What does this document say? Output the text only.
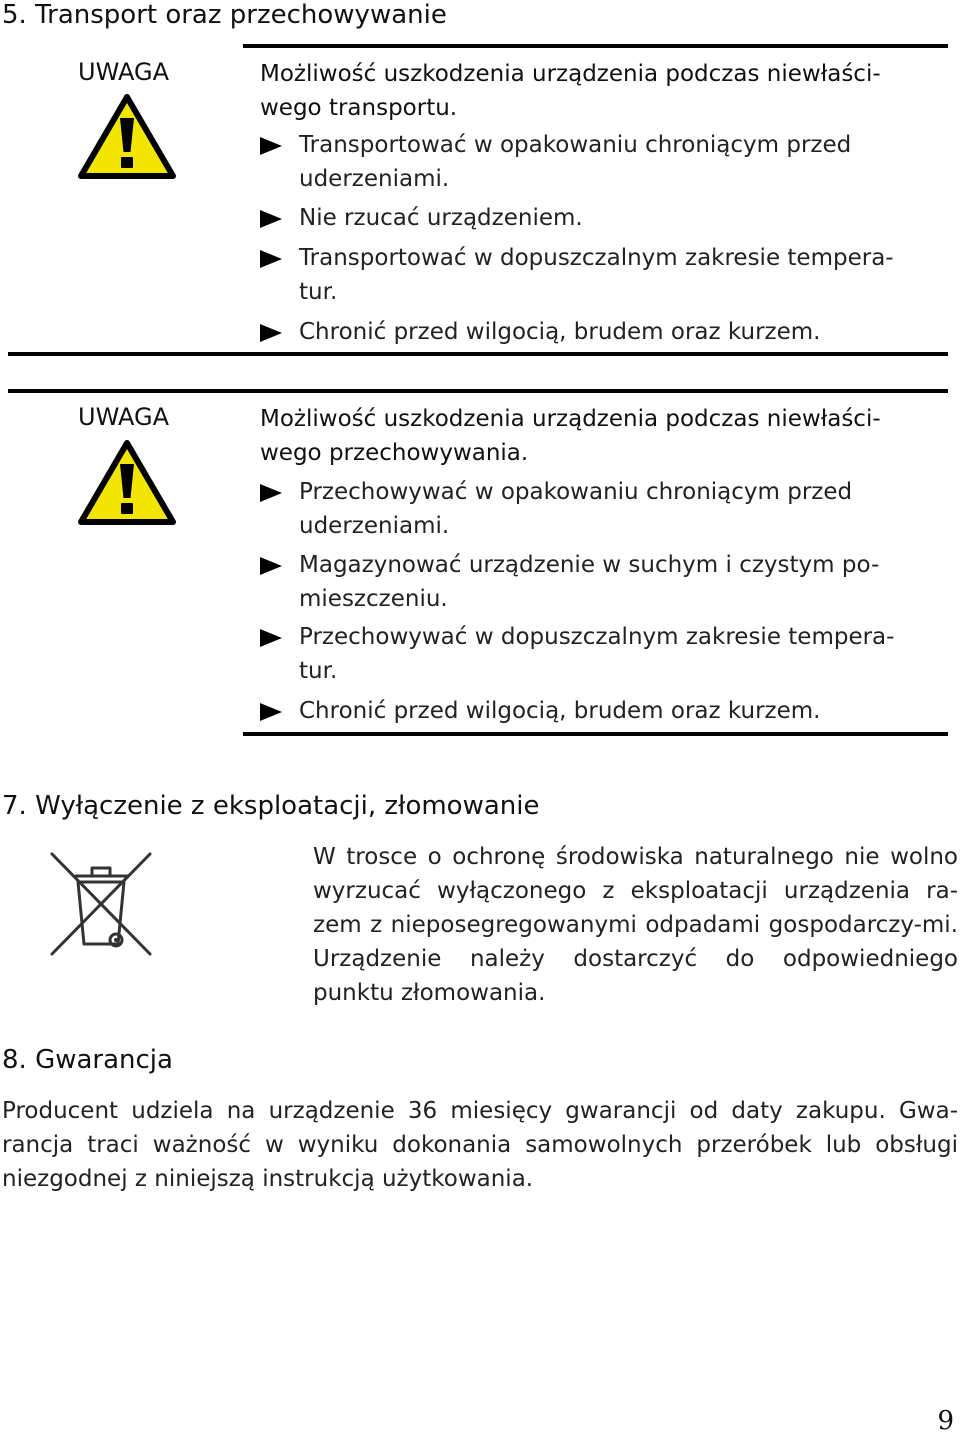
5. Transport oraz przechowywanie
UWAGA	Możliwość uszkodzenia urządzenia podczas niewłaści-wego transportu.
Transportować w opakowaniu chroniącym przed uderzeniami.
Nie rzucać urządzeniem.
Transportować w dopuszczalnym zakresie tempera-tur.
Chronić przed wilgocią, brudem oraz kurzem.
UWAGA	Możliwość uszkodzenia urządzenia podczas niewłaści-wego przechowywania.
Przechowywać w opakowaniu chroniącym przed uderzeniami.
Magazynować urządzenie w suchym i czystym po-mieszczeniu.
Przechowywać w dopuszczalnym zakresie tempera-tur.
Chronić przed wilgocią, brudem oraz kurzem.
7. Wyłączenie z eksploatacji, złomowanie
W trosce o ochronę środowiska naturalnego nie wolno wyrzucać wyłączonego z eksploatacji urządzenia ra-zem z nieposegregowanymi odpadami gospodarczy-mi. Urządzenie należy dostarczyć do odpowiedniego punktu złomowania.
8. Gwarancja
Producent udziela na urządzenie 36 miesięcy gwarancji od daty zakupu. Gwa-rancja traci ważność w wyniku dokonania samowolnych przeróbek lub obsługi niezgodnej z niniejszą instrukcją użytkowania.
9
